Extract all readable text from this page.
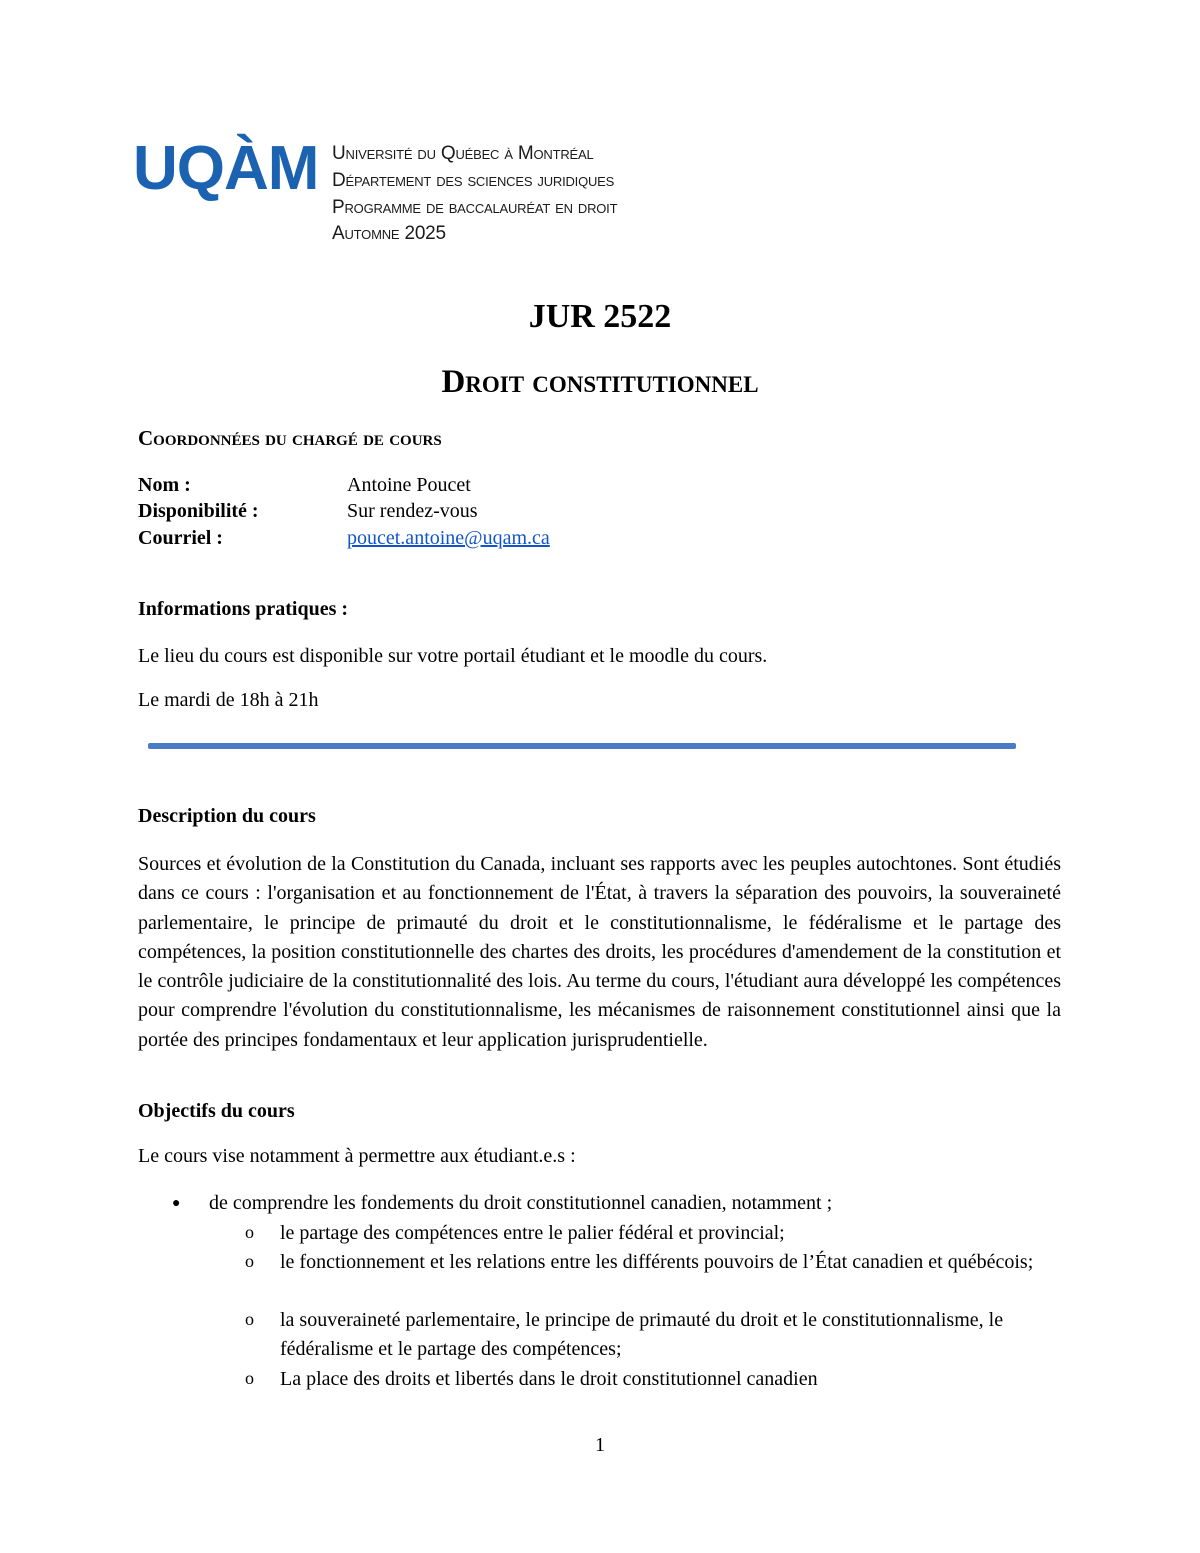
UQÀM Université du Québec à Montréal
Département des sciences juridiques
Programme de baccalauréat en droit
Automne 2025
JUR 2522
Droit constitutionnel
Coordonnées du chargé de cours
Nom :	Antoine Poucet
Disponibilité :	Sur rendez-vous
Courriel :	poucet.antoine@uqam.ca
Informations pratiques :
Le lieu du cours est disponible sur votre portail étudiant et le moodle du cours.
Le mardi de 18h à 21h
Description du cours

Sources et évolution de la Constitution du Canada, incluant ses rapports avec les peuples autochtones. Sont étudiés dans ce cours : l'organisation et au fonctionnement de l'État, à travers la séparation des pouvoirs, la souveraineté parlementaire, le principe de primauté du droit et le constitutionnalisme, le fédéralisme et le partage des compétences, la position constitutionnelle des chartes des droits, les procédures d'amendement de la constitution et le contrôle judiciaire de la constitutionnalité des lois. Au terme du cours, l'étudiant aura développé les compétences pour comprendre l'évolution du constitutionnalisme, les mécanismes de raisonnement constitutionnel ainsi que la portée des principes fondamentaux et leur application jurisprudentielle.

Objectifs du cours
Le cours vise notamment à permettre aux étudiant.e.s :
● de comprendre les fondements du droit constitutionnel canadien, notamment ;
o le partage des compétences entre le palier fédéral et provincial;
o le fonctionnement et les relations entre les différents pouvoirs de l’État canadien et québécois;
o la souveraineté parlementaire, le principe de primauté du droit et le constitutionnalisme, le fédéralisme et le partage des compétences;
o La place des droits et libertés dans le droit constitutionnel canadien
1
